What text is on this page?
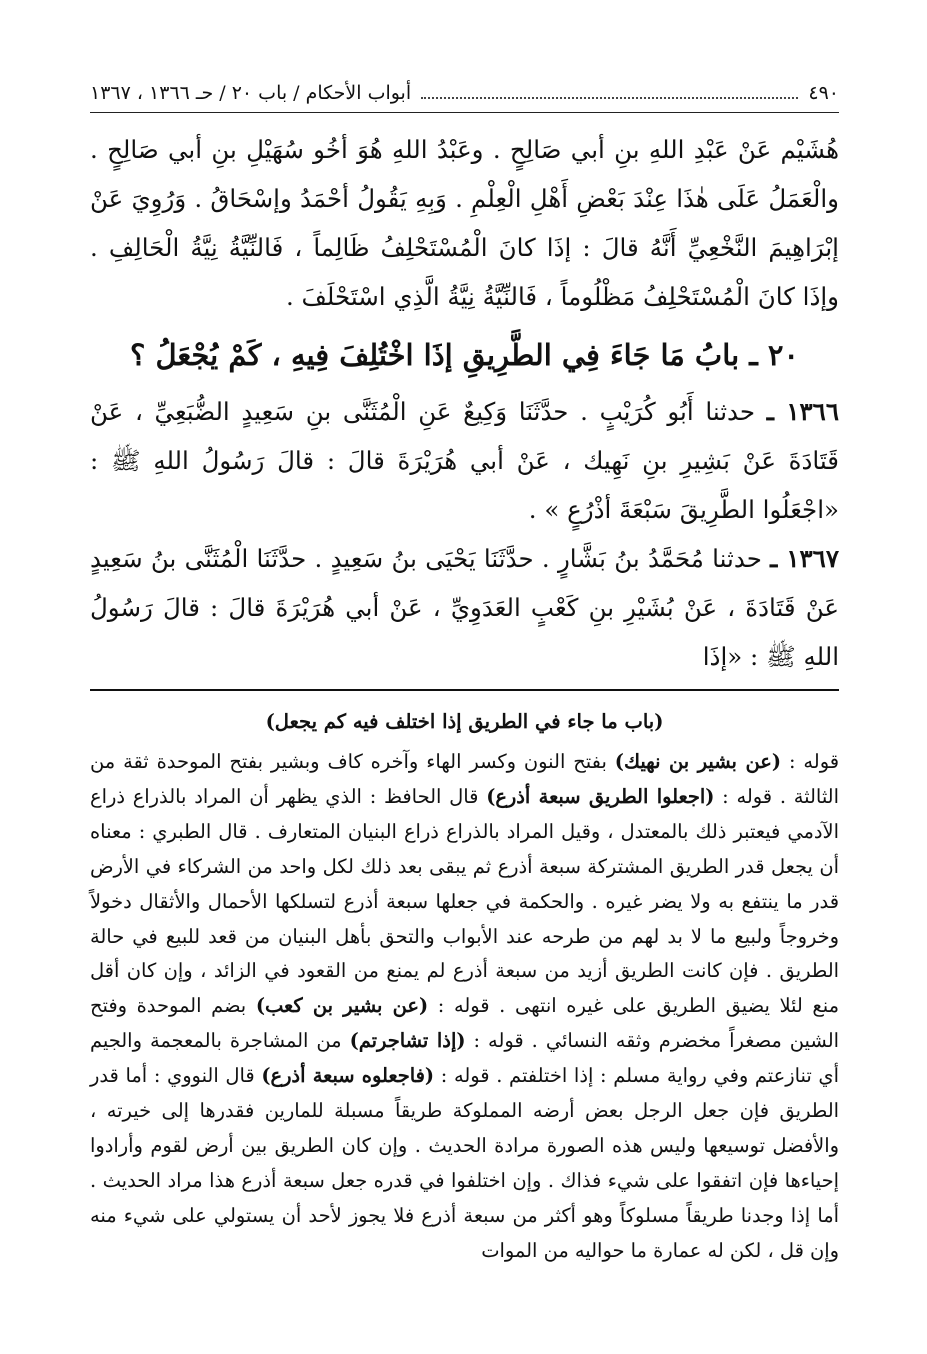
٤٩٠
أبواب الأحكام / باب ٢٠ / حـ ١٣٦٦ ، ١٣٦٧

هُشَيْم عَنْ عَبْدِ اللهِ بنِ أبي صَالِحٍ . وعَبْدُ اللهِ هُوَ أخُو سُهَيْلِ بنِ أبي صَالِحٍ . والْعَمَلُ عَلَى هٰذَا عِنْدَ بَعْضِ أَهْلِ الْعِلْمِ . وَبِهِ يَقُولُ أحْمَدُ وإسْحَاقُ . وَرُوِيَ عَنْ إبْرَاهِيمَ النَّخْعِيِّ أَنَّهُ قالَ : إذَا كانَ الْمُسْتَحْلِفُ ظَالِماً ، فَالنِّيَّةُ نِيَّةُ الْحَالِفِ . وإذَا كانَ الْمُسْتَحْلِفُ مَظْلُوماً ، فَالنِّيَّةُ نِيَّةُ الَّذِي اسْتَحْلَفَ .

٢٠ ـ بابُ مَا جَاءَ فِي الطَّرِيقِ إذَا اخْتُلِفَ فِيهِ ، كَمْ يُجْعَلُ ؟

١٣٦٦ ـ حدثنا أَبُو كُرَيْبٍ . حدَّثَنَا وَكِيعٌ عَنِ الْمُثَنَّى بنِ سَعِيدٍ الضُّبَعِيِّ ، عَنْ قَتَادَةَ عَنْ بَشِيرِ بنِ نَهِيك ، عَنْ أبي هُرَيْرَةَ قالَ : قالَ رَسُولُ اللهِ ﷺ : «اجْعَلُوا الطَّرِيقَ سَبْعَةَ أذْرُعٍ » .

١٣٦٧ ـ حدثنا مُحَمَّدُ بنُ بَشَّارٍ . حدَّثَنَا يَحْيَى بنُ سَعِيدٍ . حدَّثَنَا الْمُثَنَّى بنُ سَعِيدٍ عَنْ قَتَادَةَ ، عَنْ بُشَيْرِ بنِ كَعْبٍ العَدَوِيِّ ، عَنْ أبي هُرَيْرَةَ قالَ : قالَ رَسُولُ اللهِ ﷺ : «إذَا

(باب ما جاء في الطريق إذا اختلف فيه كم يجعل)

قوله : (عن بشير بن نهيك) بفتح النون وكسر الهاء وآخره كاف وبشير بفتح الموحدة ثقة من الثالثة . قوله : (اجعلوا الطريق سبعة أذرع) قال الحافظ : الذي يظهر أن المراد بالذراع ذراع الآدمي فيعتبر ذلك بالمعتدل ، وقيل المراد بالذراع ذراع البنيان المتعارف . قال الطبري : معناه أن يجعل قدر الطريق المشتركة سبعة أذرع ثم يبقى بعد ذلك لكل واحد من الشركاء في الأرض قدر ما ينتفع به ولا يضر غيره . والحكمة في جعلها سبعة أذرع لتسلكها الأحمال والأثقال دخولاً وخروجاً ولبيع ما لا بد لهم من طرحه عند الأبواب والتحق بأهل البنيان من قعد للبيع في حالة الطريق . فإن كانت الطريق أزيد من سبعة أذرع لم يمنع من القعود في الزائد ، وإن كان أقل منع لئلا يضيق الطريق على غيره انتهى . قوله : (عن بشير بن كعب) بضم الموحدة وفتح الشين مصغراً مخضرم وثقه النسائي . قوله : (إذا تشاجرتم) من المشاجرة بالمعجمة والجيم أي تنازعتم وفي رواية مسلم : إذا اختلفتم . قوله : (فاجعلوه سبعة أذرع) قال النووي : أما قدر الطريق فإن جعل الرجل بعض أرضه المملوكة طريقاً مسبلة للمارين فقدرها إلى خيرته ، والأفضل توسيعها وليس هذه الصورة مرادة الحديث . وإن كان الطريق بين أرض لقوم وأرادوا إحياءها فإن اتفقوا على شيء فذاك . وإن اختلفوا في قدره جعل سبعة أذرع هذا مراد الحديث . أما إذا وجدنا طريقاً مسلوكاً وهو أكثر من سبعة أذرع فلا يجوز لأحد أن يستولي على شيء منه وإن قل ، لكن له عمارة ما حواليه من الموات
